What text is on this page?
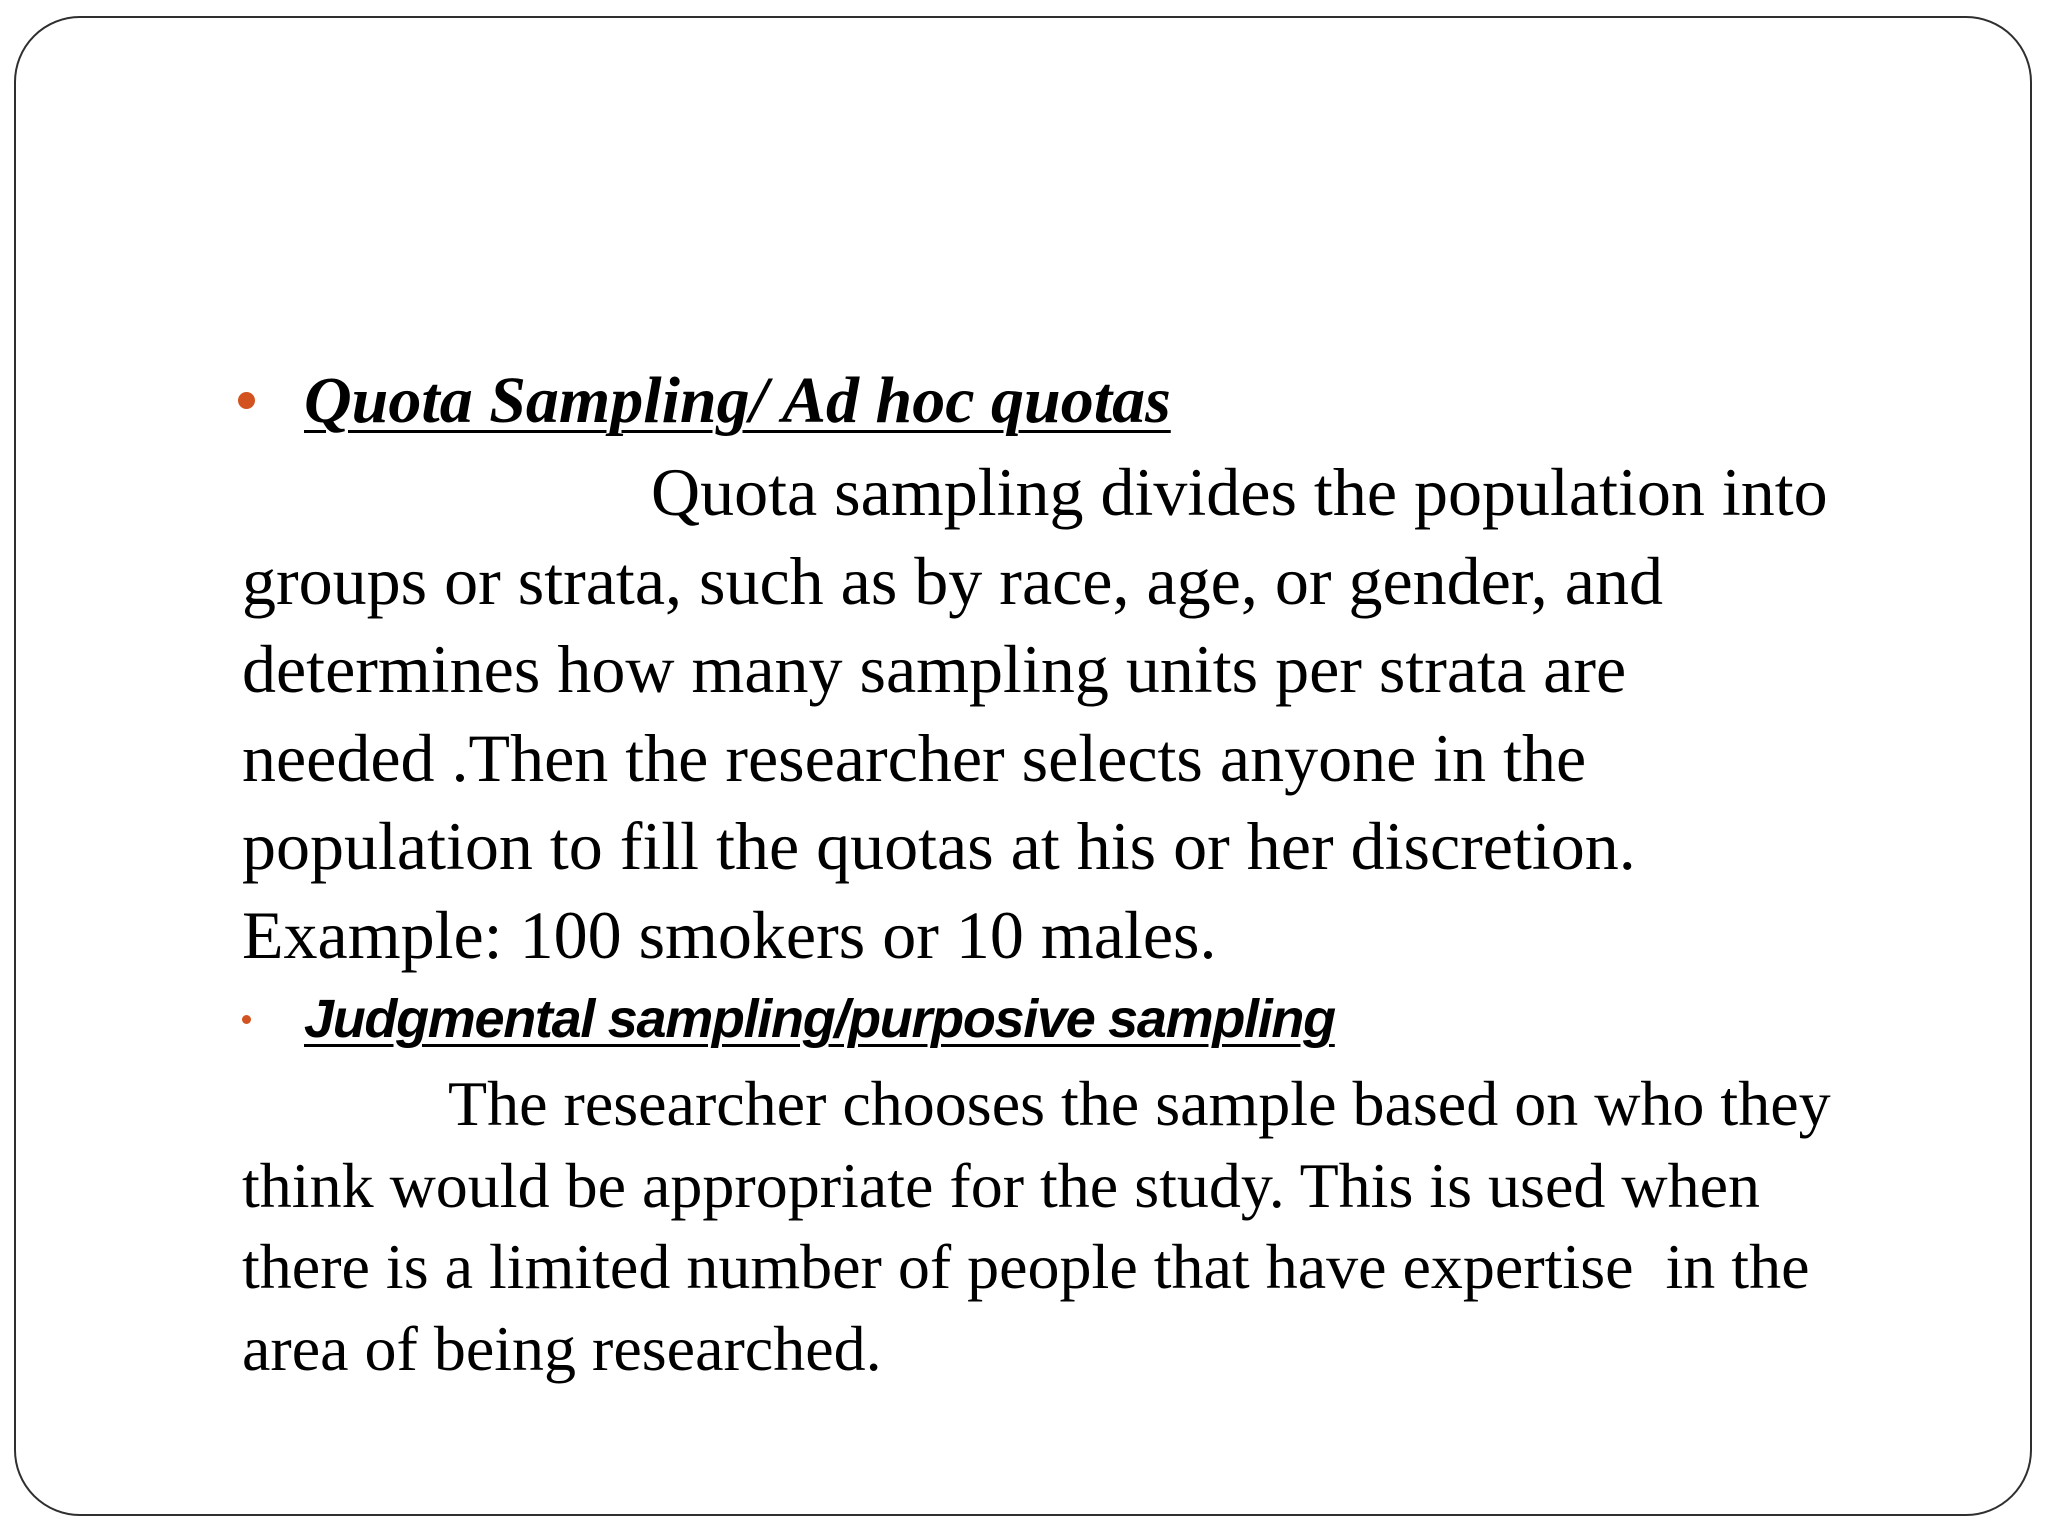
Quota Sampling/ Ad hoc quotas
Quota sampling divides the population into
groups or strata, such as by race, age, or gender, and
determines how many sampling units per strata are
needed .Then the researcher selects anyone in the
population to fill the quotas at his or her discretion.
Example: 100 smokers or 10 males.
Judgmental sampling/purposive sampling
The researcher chooses the sample based on who they
think would be appropriate for the study. This is used when
there is a limited number of people that have expertise  in the
area of being researched.
